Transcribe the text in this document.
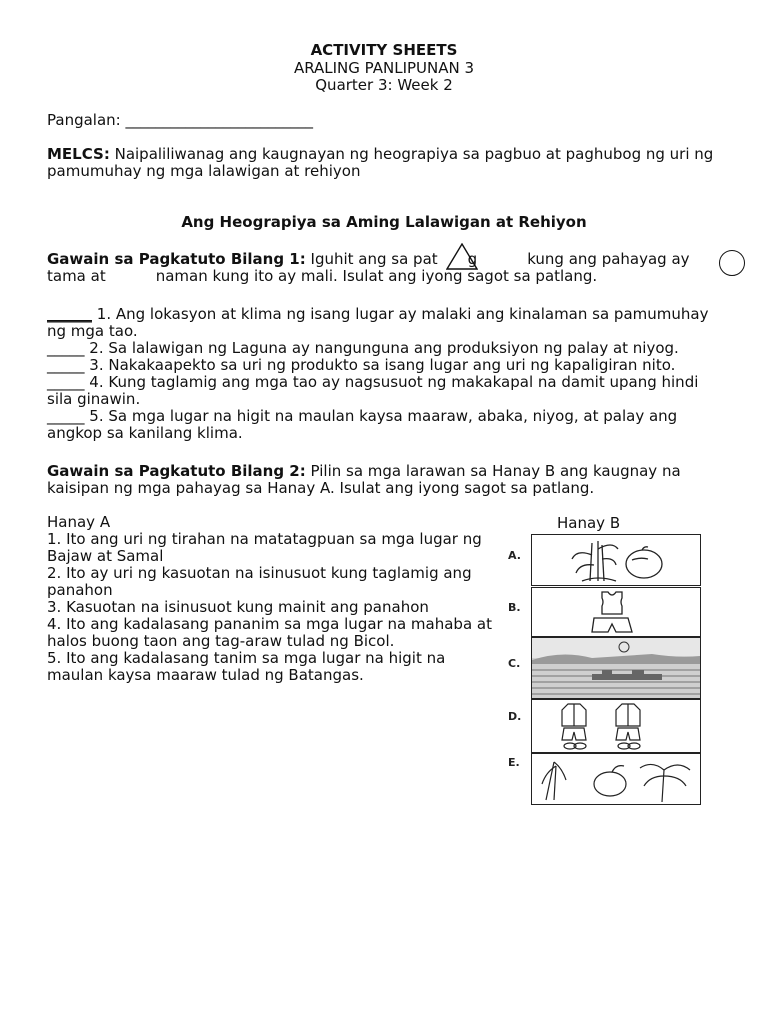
ACTIVITY SHEETS
ARALING PANLIPUNAN 3
Quarter 3: Week 2
Pangalan: _________________________
MELCS: Naipaliliwanag ang kaugnayan ng heograpiya sa pagbuo at paghubog ng uri ng pamumuhay ng mga lalawigan at rehiyon
Ang Heograpiya sa Aming Lalawigan at Rehiyon
Gawain sa Pagkatuto Bilang 1: Iguhit ang sa pat g	kung ang pahayag ay
tama at	naman kung ito ay mali. Isulat ang iyong sagot sa patlang.
______ 1. Ang lokasyon at klima ng isang lugar ay malaki ang kinalaman sa pamumuhay ng mga tao.
_____ 2. Sa lalawigan ng Laguna ay nangunguna ang produksiyon ng palay at niyog.
_____ 3. Nakakaapekto sa uri ng produkto sa isang lugar ang uri ng kapaligiran nito.
_____ 4. Kung taglamig ang mga tao ay nagsusuot ng makakapal na damit upang hindi sila ginawin.
_____ 5. Sa mga lugar na higit na maulan kaysa maaraw, abaka, niyog, at palay ang angkop sa kanilang klima.
Gawain sa Pagkatuto Bilang 2: Pilin sa mga larawan sa Hanay B ang kaugnay na kaisipan ng mga pahayag sa Hanay A. Isulat ang iyong sagot sa patlang.
Hanay A
1. Ito ang uri ng tirahan na matatagpuan sa mga lugar ng Bajaw at Samal
2. Ito ay uri ng kasuotan na isinusuot kung taglamig ang panahon
3. Kasuotan na isinusuot kung mainit ang panahon
4. Ito ang kadalasang pananim sa mga lugar na mahaba at halos buong taon ang tag-araw tulad ng Bicol.
5. Ito ang kadalasang tanim sa mga lugar na higit na maulan kaysa maaraw tulad ng Batangas.
Hanay B
A.
B.
C.
D.
E.
